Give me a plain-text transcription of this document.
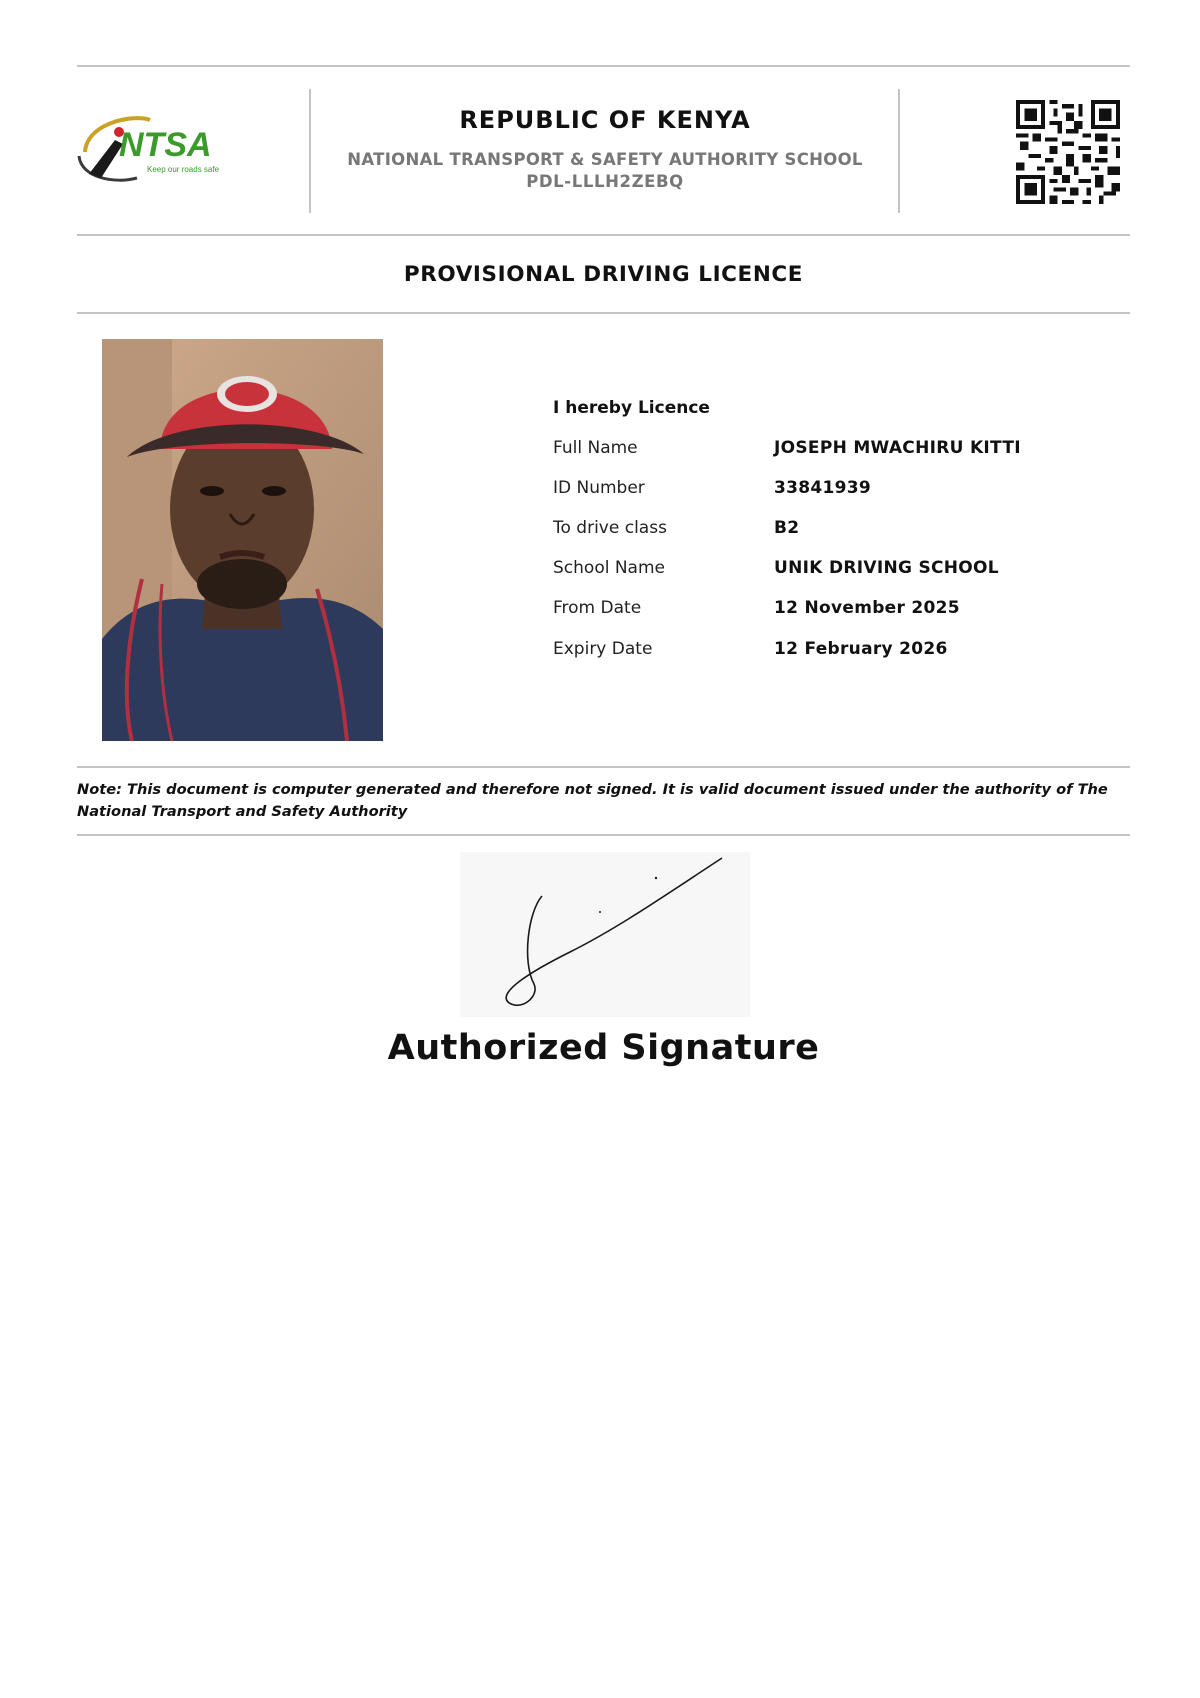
NTSA
Keep our roads safe
REPUBLIC OF KENYA
NATIONAL TRANSPORT & SAFETY AUTHORITY SCHOOL
PDL-LLLH2ZEBQ
PROVISIONAL DRIVING LICENCE
I hereby Licence
Full Name	JOSEPH MWACHIRU KITTI
ID Number	33841939
To drive class	B2
School Name	UNIK DRIVING SCHOOL
From Date	12 November 2025
Expiry Date	12 February 2026
Note: This document is computer generated and therefore not signed. It is valid document issued under the authority of The National Transport and Safety Authority
Authorized Signature
